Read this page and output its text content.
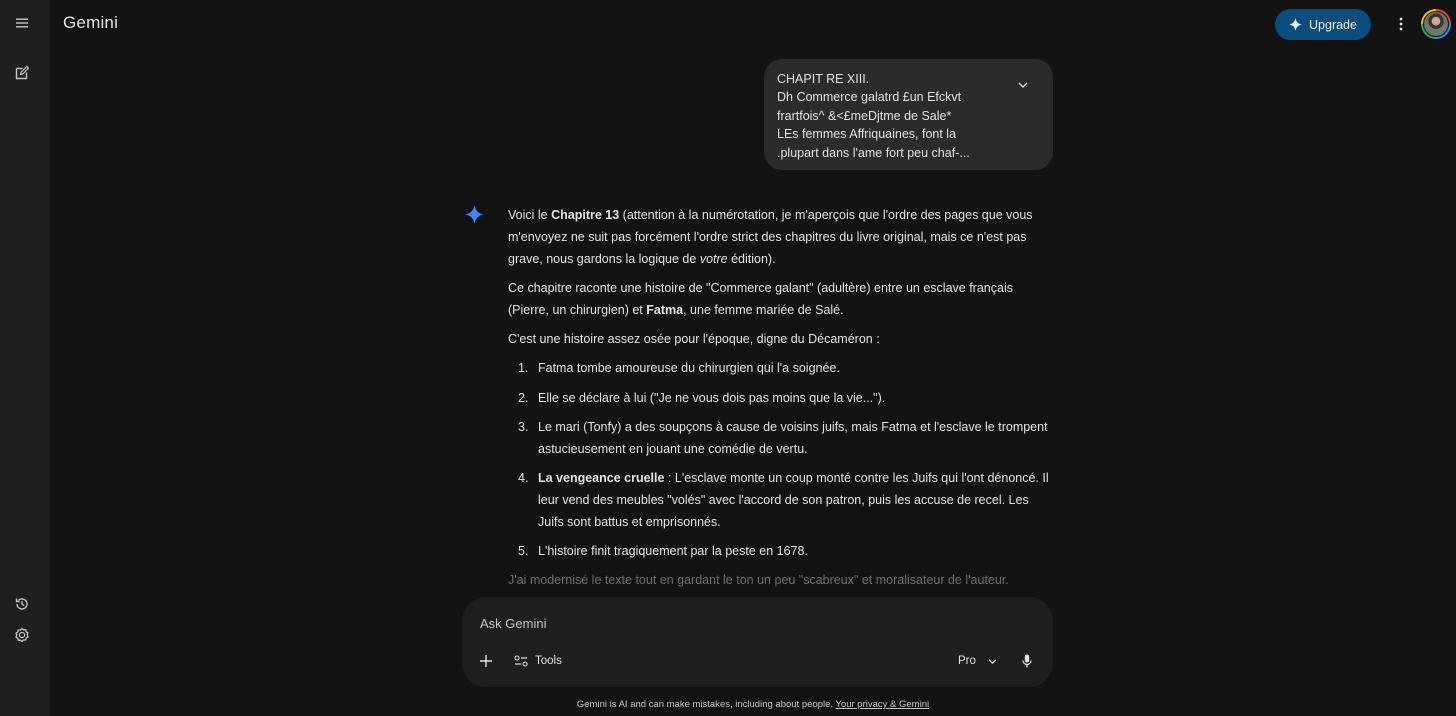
Gemini	Upgrade
CHAPIT RE XIII.
Dh Commerce galatrd £un Efckvt
frartfois^ &<£meDjtme de Sale*
LEs femmes Affriquaines, font la
.plupart dans l'ame fort peu chaf-...

Voici le Chapitre 13 (attention à la numérotation, je m'aperçois que l'ordre des pages que vous m'envoyez ne suit pas forcément l'ordre strict des chapitres du livre original, mais ce n'est pas grave, nous gardons la logique de votre édition).

Ce chapitre raconte une histoire de "Commerce galant" (adultère) entre un esclave français (Pierre, un chirurgien) et Fatma, une femme mariée de Salé.

C'est une histoire assez osée pour l'époque, digne du Décaméron :

1. Fatma tombe amoureuse du chirurgien qui l'a soignée.
2. Elle se déclare à lui ("Je ne vous dois pas moins que la vie...").
3. Le mari (Tonfy) a des soupçons à cause de voisins juifs, mais Fatma et l'esclave le trompent astucieusement en jouant une comédie de vertu.
4. La vengeance cruelle : L'esclave monte un coup monté contre les Juifs qui l'ont dénoncé. Il leur vend des meubles "volés" avec l'accord de son patron, puis les accuse de recel. Les Juifs sont battus et emprisonnés.
5. L'histoire finit tragiquement par la peste en 1678.

J'ai modernisé le texte tout en gardant le ton un peu "scabreux" et moralisateur de l'auteur.

Ask Gemini
Tools	Pro
Gemini is AI and can make mistakes, including about people. Your privacy & Gemini
